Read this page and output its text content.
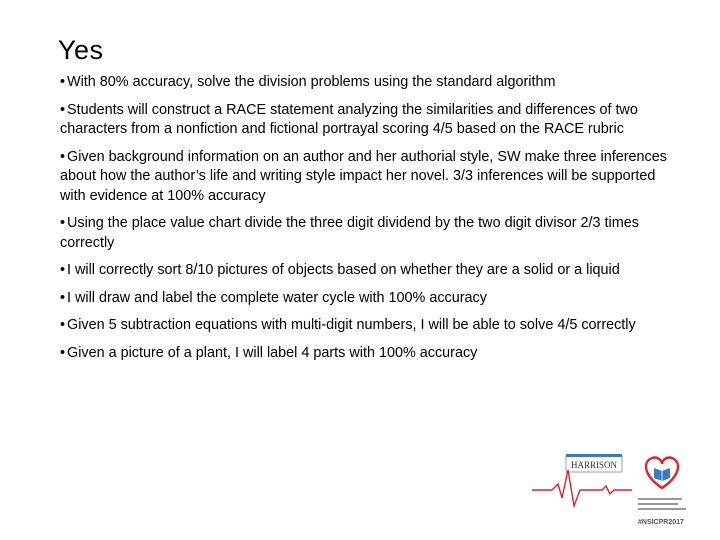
Yes
• With 80% accuracy, solve the division problems using the standard algorithm
• Students will construct a RACE statement analyzing the similarities and differences of two characters from a nonfiction and fictional portrayal scoring 4/5 based on the RACE rubric
• Given background information on an author and her authorial style, SW make three inferences about how the author’s life and writing style impact her novel. 3/3 inferences will be supported with evidence at 100% accuracy
• Using the place value chart divide the three digit dividend by the two digit divisor 2/3 times correctly
• I will correctly sort 8/10 pictures of objects based on whether they are a solid or a liquid
• I will draw and label the complete water cycle with 100% accuracy
• Given 5 subtraction equations with multi-digit numbers, I will be able to solve 4/5 correctly
• Given a picture of a plant, I will label 4 parts with 100% accuracy
HARRISON
#NSICPR2017
